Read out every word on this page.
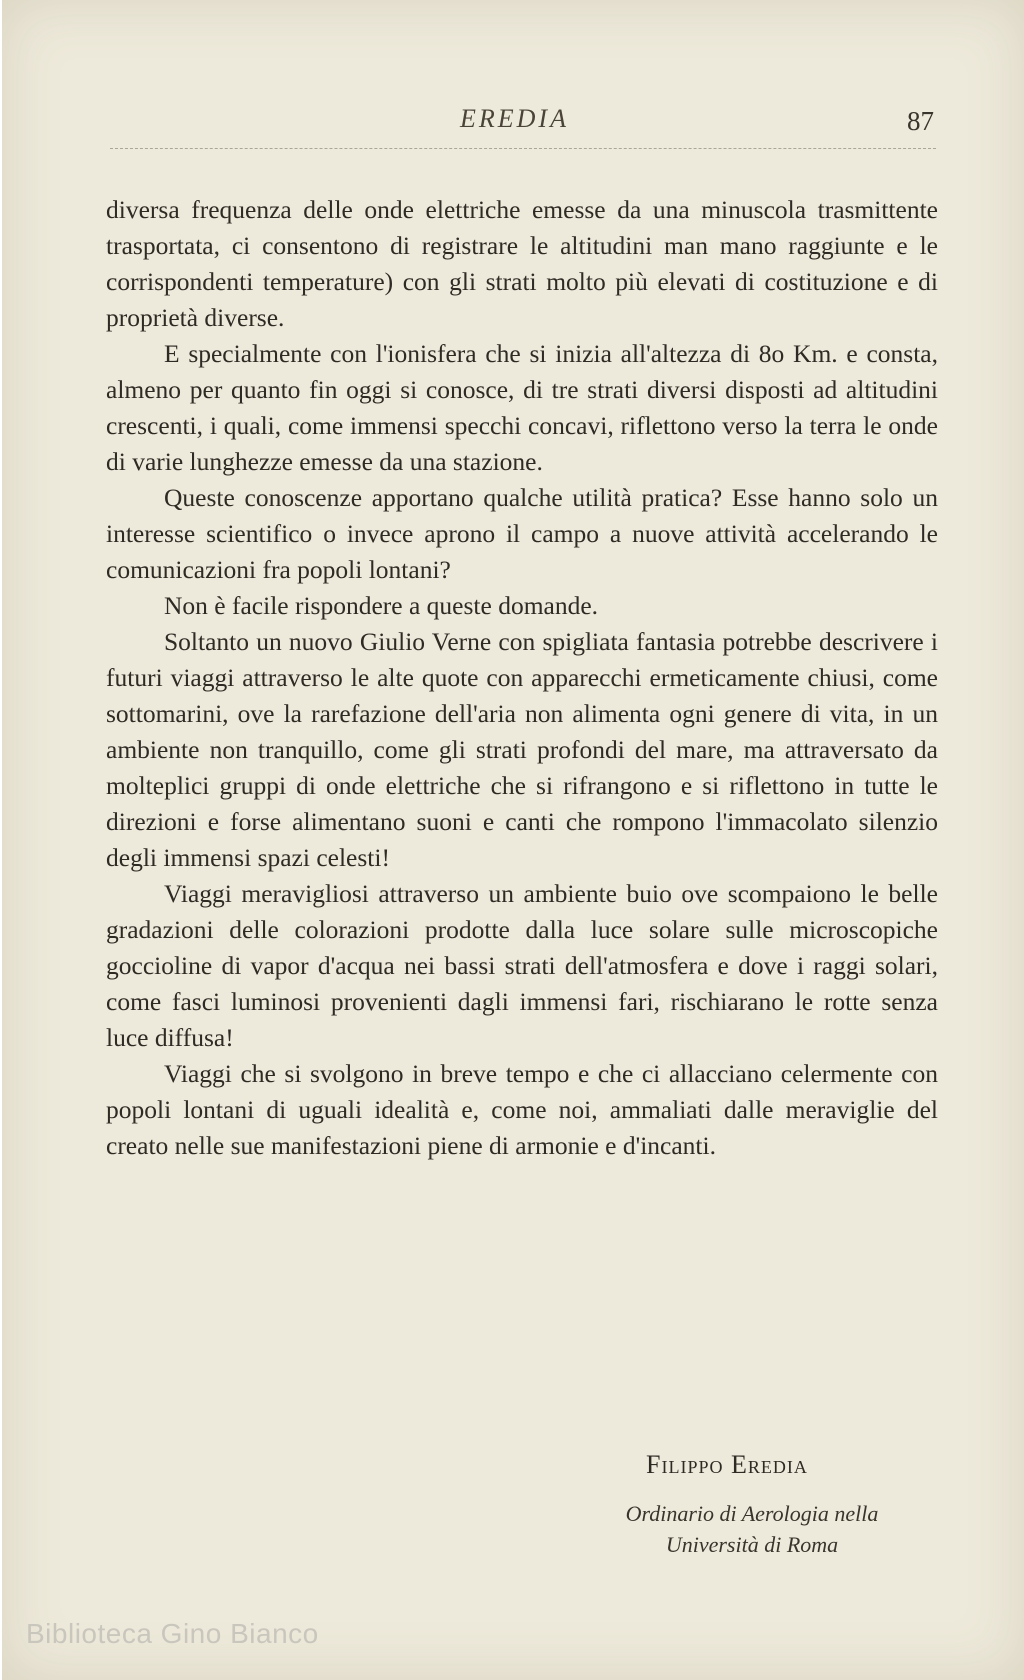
EREDIA	87

diversa frequenza delle onde elettriche emesse da una minuscola trasmittente trasportata, ci consentono di registrare le altitudini man mano raggiunte e le corrispondenti temperature) con gli strati molto più elevati di costituzione e di proprietà diverse.

E specialmente con l'ionisfera che si inizia all'altezza di 8o Km. e consta, almeno per quanto fin oggi si conosce, di tre strati diversi disposti ad altitudini crescenti, i quali, come immensi specchi concavi, riflettono verso la terra le onde di varie lunghezze emesse da una stazione.

Queste conoscenze apportano qualche utilità pratica? Esse hanno solo un interesse scientifico o invece aprono il campo a nuove attività accelerando le comunicazioni fra popoli lontani?

Non è facile rispondere a queste domande.

Soltanto un nuovo Giulio Verne con spigliata fantasia potrebbe descrivere i futuri viaggi attraverso le alte quote con apparecchi ermeticamente chiusi, come sottomarini, ove la rarefazione dell'aria non alimenta ogni genere di vita, in un ambiente non tranquillo, come gli strati profondi del mare, ma attraversato da molteplici gruppi di onde elettriche che si rifrangono e si riflettono in tutte le direzioni e forse alimentano suoni e canti che rompono l'immacolato silenzio degli immensi spazi celesti!

Viaggi meravigliosi attraverso un ambiente buio ove scompaiono le belle gradazioni delle colorazioni prodotte dalla luce solare sulle microscopiche goccioline di vapor d'acqua nei bassi strati dell'atmosfera e dove i raggi solari, come fasci luminosi provenienti dagli immensi fari, rischiarano le rotte senza luce diffusa!

Viaggi che si svolgono in breve tempo e che ci allacciano celermente con popoli lontani di uguali idealità e, come noi, ammaliati dalle meraviglie del creato nelle sue manifestazioni piene di armonie e d'incanti.

Filippo Eredia
Ordinario di Aerologia nella
Università di Roma
Biblioteca Gino Bianco
